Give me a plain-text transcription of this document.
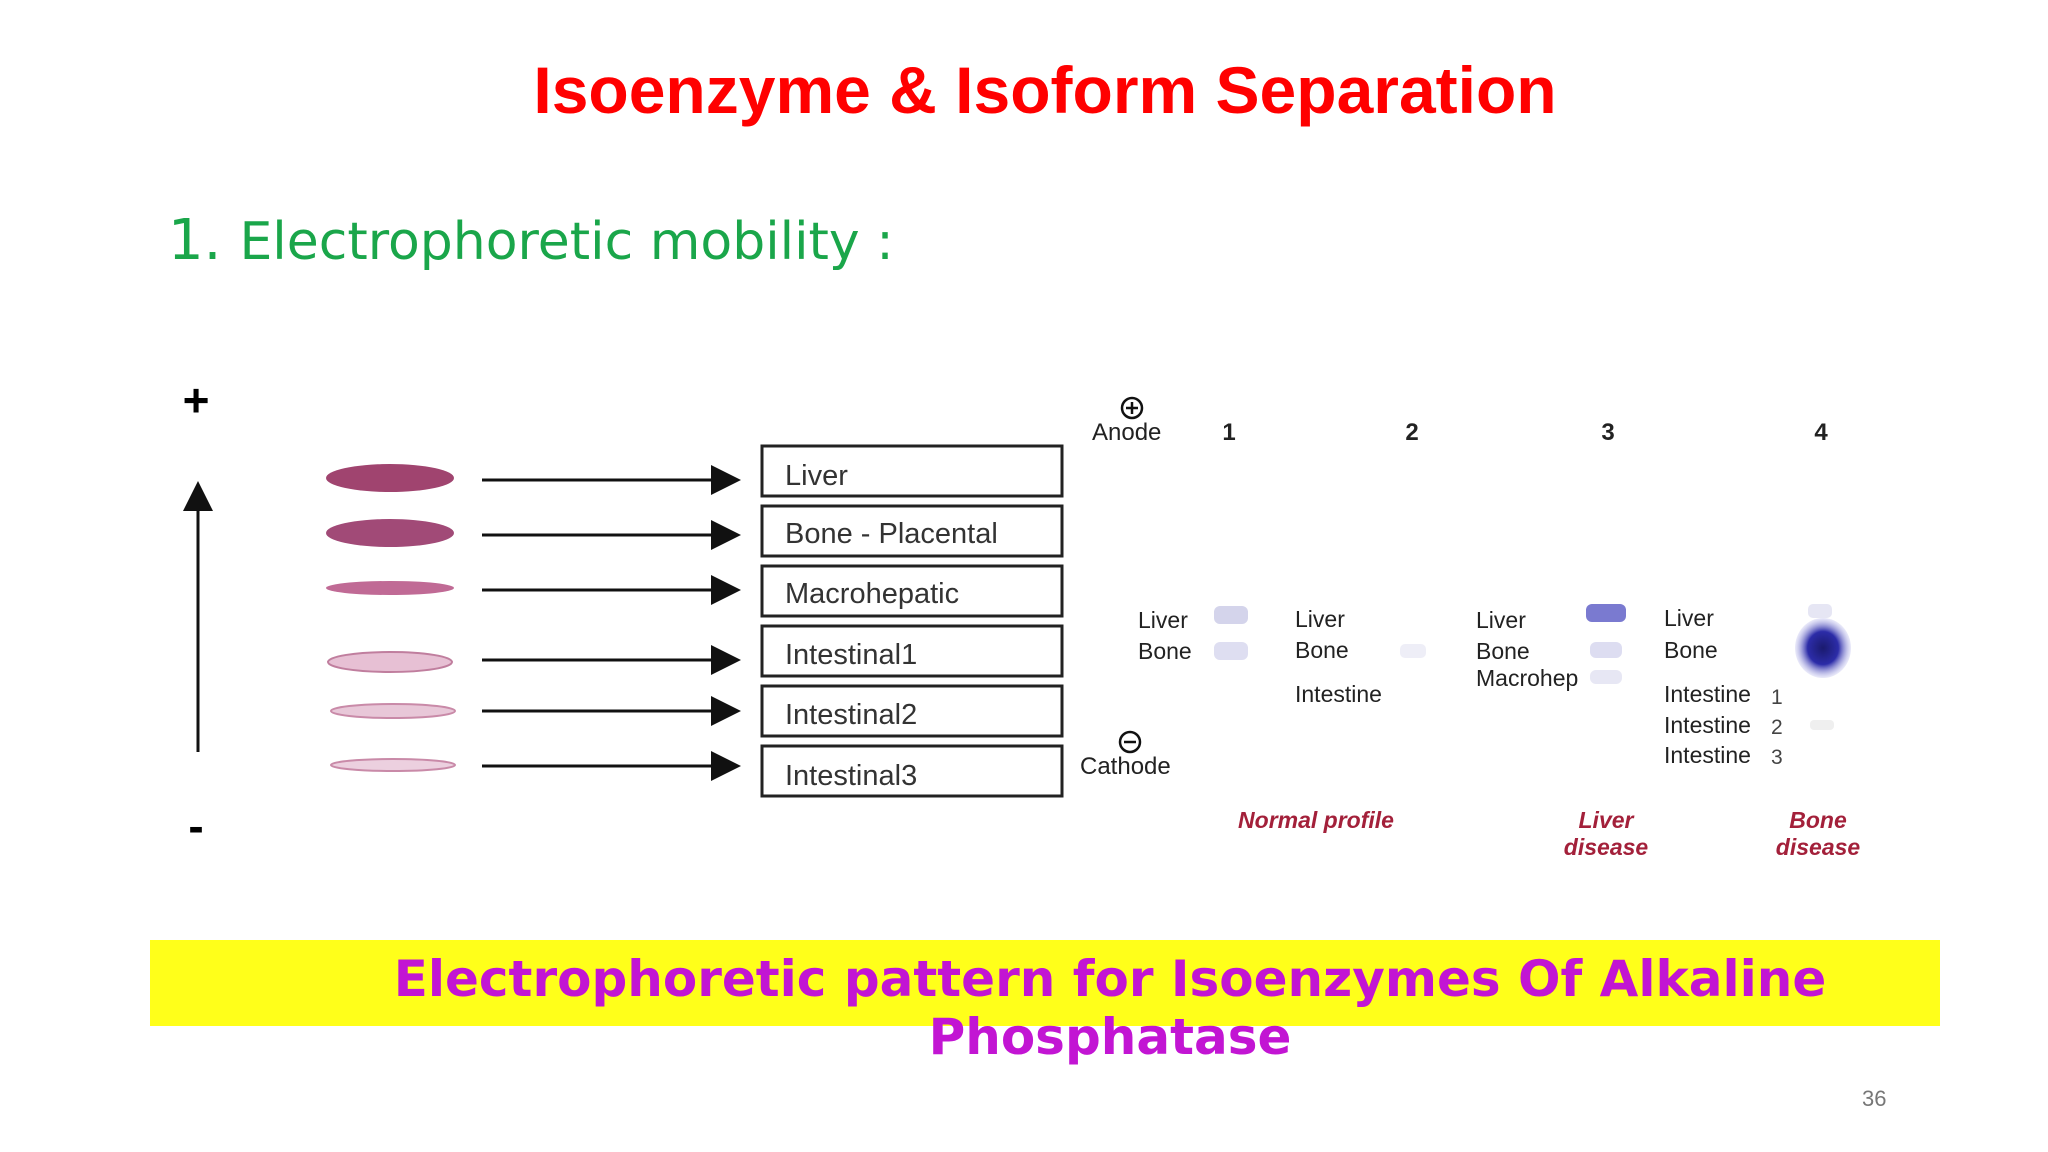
Isoenzyme & Isoform Separation
1. Electrophoretic mobility :
+
-
Liver
Bone - Placental
Macrohepatic
Intestinal1
Intestinal2
Intestinal3
Anode
Cathode
1	2	3	4
Liver
Bone
Liver
Bone
Intestine
Liver
Bone
Macrohep
Liver
Bone
Intestine
Intestine
Intestine
1
2
3
Normal profile	Liver
disease
Bone
disease
Electrophoretic pattern for Isoenzymes Of Alkaline Phosphatase
36
